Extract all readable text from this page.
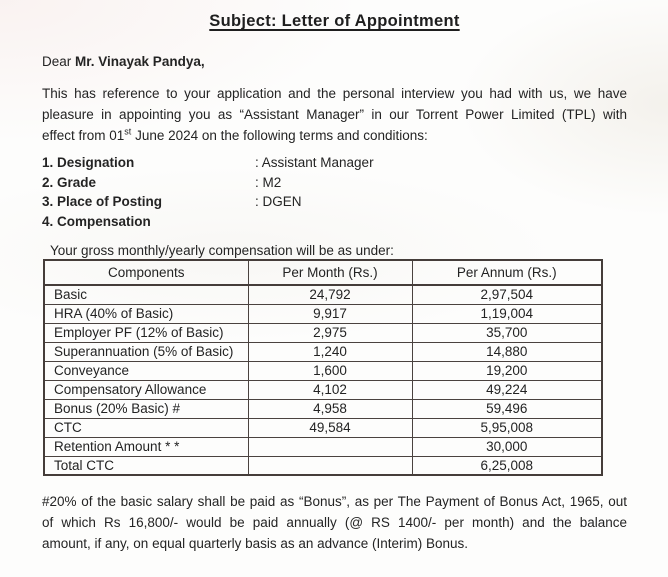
Subject: Letter of Appointment

Dear Mr. Vinayak Pandya,

This has reference to your application and the personal interview you had with us, we have
pleasure in appointing you as “Assistant Manager” in our Torrent Power Limited (TPL) with
effect from 01st June 2024 on the following terms and conditions:
1. Designation	: Assistant Manager
2. Grade	: M2
3. Place of Posting	: DGEN
4. Compensation
Your gross monthly/yearly compensation will be as under:
Components	Per Month (Rs.)	Per Annum (Rs.)
Basic	24,792	2,97,504
HRA (40% of Basic)	9,917	1,19,004
Employer PF (12% of Basic)	2,975	35,700
Superannuation (5% of Basic)	1,240	14,880
Conveyance	1,600	19,200
Compensatory Allowance	4,102	49,224
Bonus (20% Basic) #	4,958	59,496
CTC	49,584	5,95,008
Retention Amount * *		30,000
Total CTC		6,25,008
#20% of the basic salary shall be paid as “Bonus”, as per The Payment of Bonus Act, 1965, out
of which Rs 16,800/- would be paid annually (@ RS 1400/- per month) and the balance
amount, if any, on equal quarterly basis as an advance (Interim) Bonus.
